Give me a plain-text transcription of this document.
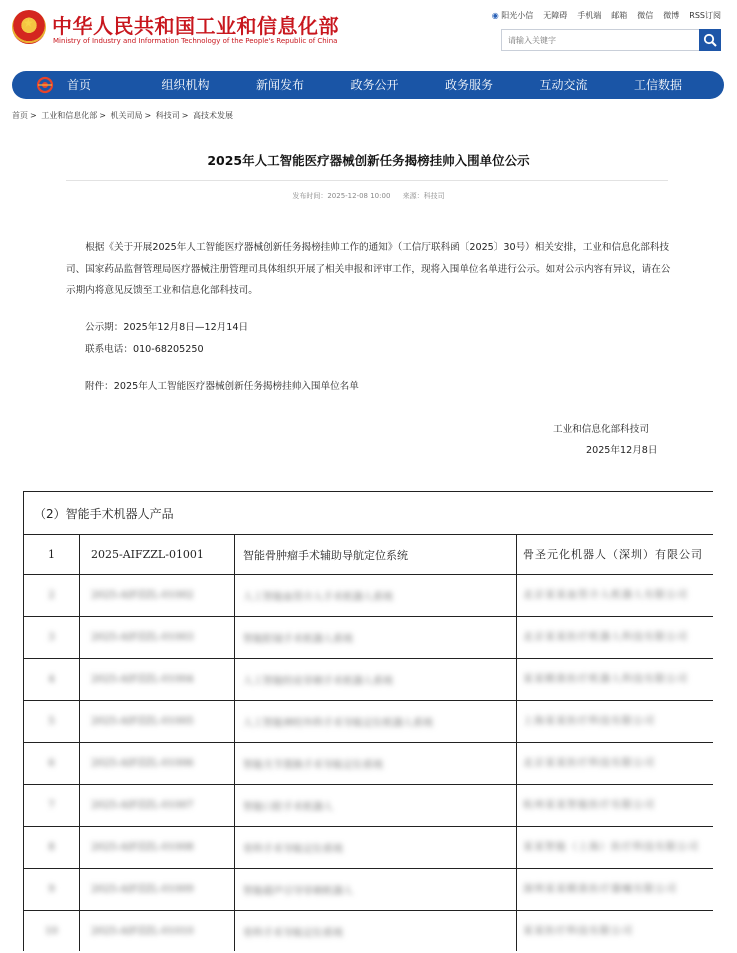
★ 中华人民共和国工业和信息化部
Ministry of Industry and Information Technology of the People's Republic of China
◉ 阳光小信 无障碍 手机端 邮箱 微信 微博 RSS订阅
请输入关键字
首页	组织机构	新闻发布	政务公开	政务服务	互动交流	工信数据
首页 > 工业和信息化部 > 机关司局 > 科技司 > 高技术发展
2025年人工智能医疗器械创新任务揭榜挂帅入围单位公示
发布时间：2025-12-08 10:00 来源：科技司
根据《关于开展2025年人工智能医疗器械创新任务揭榜挂帅工作的通知》（工信厅联科函〔2025〕30号）相关安排，工业和信息化部科技司、国家药品监督管理局医疗器械注册管理司具体组织开展了相关申报和评审工作，现将入围单位名单进行公示。如对公示内容有异议，请在公示期内将意见反馈至工业和信息化部科技司。
公示期：2025年12月8日—12月14日
联系电话：010-68205250
附件：2025年人工智能医疗器械创新任务揭榜挂帅入围单位名单
工业和信息化部科技司
2025年12月8日
（2）智能手术机器人产品			
1	2025-AIFZZL-01001	智能骨肿瘤手术辅助导航定位系统	骨圣元化机器人（深圳）有限公司
2	2025-AIFZZL-01002	人工智能血管介入手术机器人系统	北京某某血管介入机器人有限公司
3	2025-AIFZZL-01003	智能腔镜手术机器人系统	北京某某医疗机器人科技有限公司
4	2025-AIFZZL-01004	人工智能经皮穿刺手术机器人系统	某某精准医疗机器人科技有限公司
5	2025-AIFZZL-01005	人工智能神经外科手术导航定位机器人系统	上海某某医疗科技有限公司
6	2025-AIFZZL-01006	智能关节置换手术导航定位系统	北京某某医疗科技有限公司
7	2025-AIFZZL-01007	智能口腔手术机器人	杭州某某智能医疗有限公司
8	2025-AIFZZL-01008	骨科手术导航定位系统	某某智能（上海）医疗科技有限公司
9	2025-AIFZZL-01009	智能超声引导穿刺机器人	深圳某某精准医疗器械有限公司
10	2025-AIFZZL-01010	骨科手术导航定位系统	某某医疗科技有限公司
